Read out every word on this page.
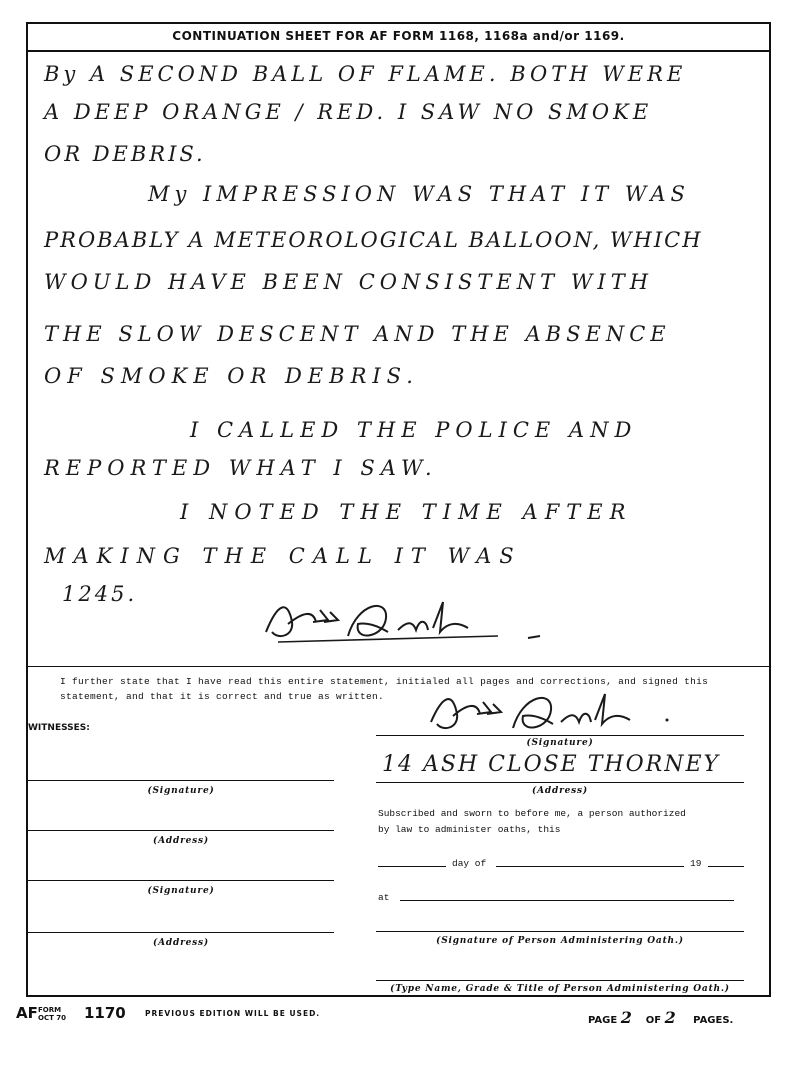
CONTINUATION SHEET FOR AF FORM 1168, 1168a and/or 1169.
By A SECOND BALL OF FLAME. BOTH WERE
A DEEP ORANGE / RED. I SAW NO SMOKE
OR DEBRIS.
My IMPRESSION WAS THAT IT WAS
PROBABLY A METEOROLOGICAL BALLOON, WHICH
WOULD HAVE BEEN CONSISTENT WITH
THE SLOW DESCENT AND THE ABSENCE
OF SMOKE OR DEBRIS.
I CALLED THE POLICE AND
REPORTED WHAT I SAW.
I NOTED THE TIME AFTER
MAKING THE CALL IT WAS
1245.
I further state that I have read this entire statement, initialed all pages and corrections, and signed this statement, and that it is correct and true as written.
WITNESSES:
(Signature)
(Address)
(Signature)
(Address)
(Signature)
14 ASH CLOSE THORNEY
(Address)
Subscribed and sworn to before me, a person authorized
by law to administer oaths, this
day of	19
at
(Signature of Person Administering Oath.)
(Type Name, Grade & Title of Person Administering Oath.)
AF FORM
OCT 70 1170	PREVIOUS EDITION WILL BE USED.
PAGE 2 OF 2 PAGES.
